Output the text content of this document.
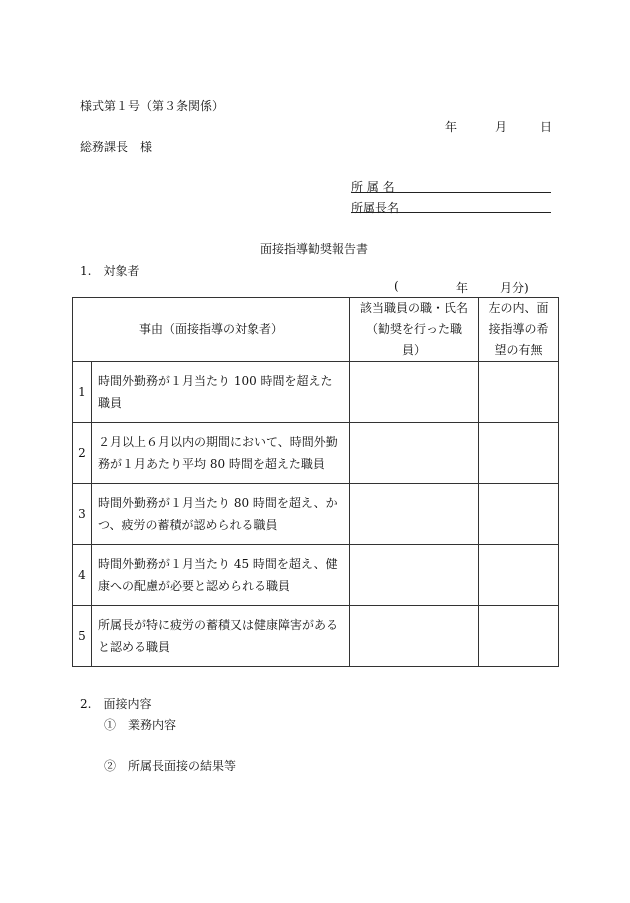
様式第１号（第３条関係）
年	月	日
総務課長　様
所 属 名
所属長名
面接指導勧奨報告書
1.　対象者
(	年	月分)
事由（面接指導の対象者）		該当職員の職・氏名（勧奨を行った職員）	左の内、面接指導の希望の有無
1	時間外勤務が１月当たり 100 時間を超えた職員		
2	２月以上６月以内の期間において、時間外勤務が１月あたり平均 80 時間を超えた職員		
3	時間外勤務が１月当たり 80 時間を超え、かつ、疲労の蓄積が認められる職員		
4	時間外勤務が１月当たり 45 時間を超え、健康への配慮が必要と認められる職員		
5	所属長が特に疲労の蓄積又は健康障害があると認める職員		
2.　面接内容
①　業務内容
②　所属長面接の結果等
